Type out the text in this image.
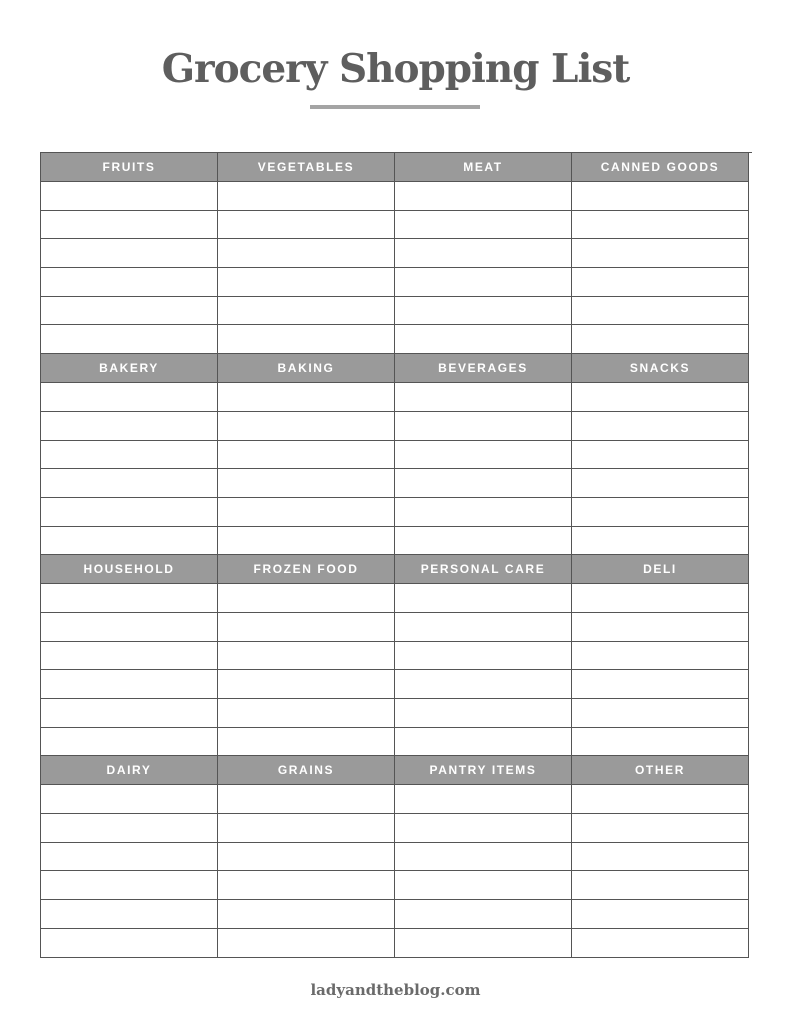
Grocery Shopping List
FRUITS	VEGETABLES	MEAT	CANNED GOODS
BAKERY	BAKING	BEVERAGES	SNACKS
HOUSEHOLD	FROZEN FOOD	PERSONAL CARE	DELI
DAIRY	GRAINS	PANTRY ITEMS	OTHER

ladyandtheblog.com
